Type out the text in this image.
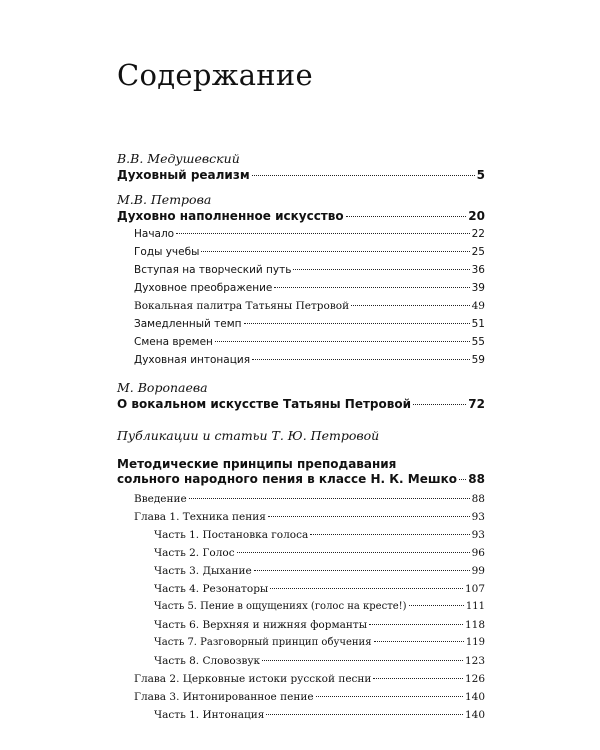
Содержание
В.В. Медушевский
Духовный реализм	5
М.В. Петрова
Духовно наполненное искусство	20
Начало	22
Годы учебы	25
Вступая на творческий путь	36
Духовное преображение	39
Вокальная палитра Татьяны Петровой	49
Замедленный темп	51
Смена времен	55
Духовная интонация	59
М. Воропаева
О вокальном искусстве Татьяны Петровой	72
Публикации и статьи Т. Ю. Петровой
Методические принципы преподавания
сольного народного пения в классе Н. К. Мешко 88
Введение	88
Глава 1. Техника пения	93
Часть 1. Постановка голоса	93
Часть 2. Голос	96
Часть 3. Дыхание	99
Часть 4. Резонаторы	107
Часть 5. Пение в ощущениях (голос на кресте!)	111
Часть 6. Верхняя и нижняя форманты	118
Часть 7. Разговорный принцип обучения	119
Часть 8. Словозвук	123
Глава 2. Церковные истоки русской песни	126
Глава 3. Интонированное пение	140
Часть 1. Интонация	140
